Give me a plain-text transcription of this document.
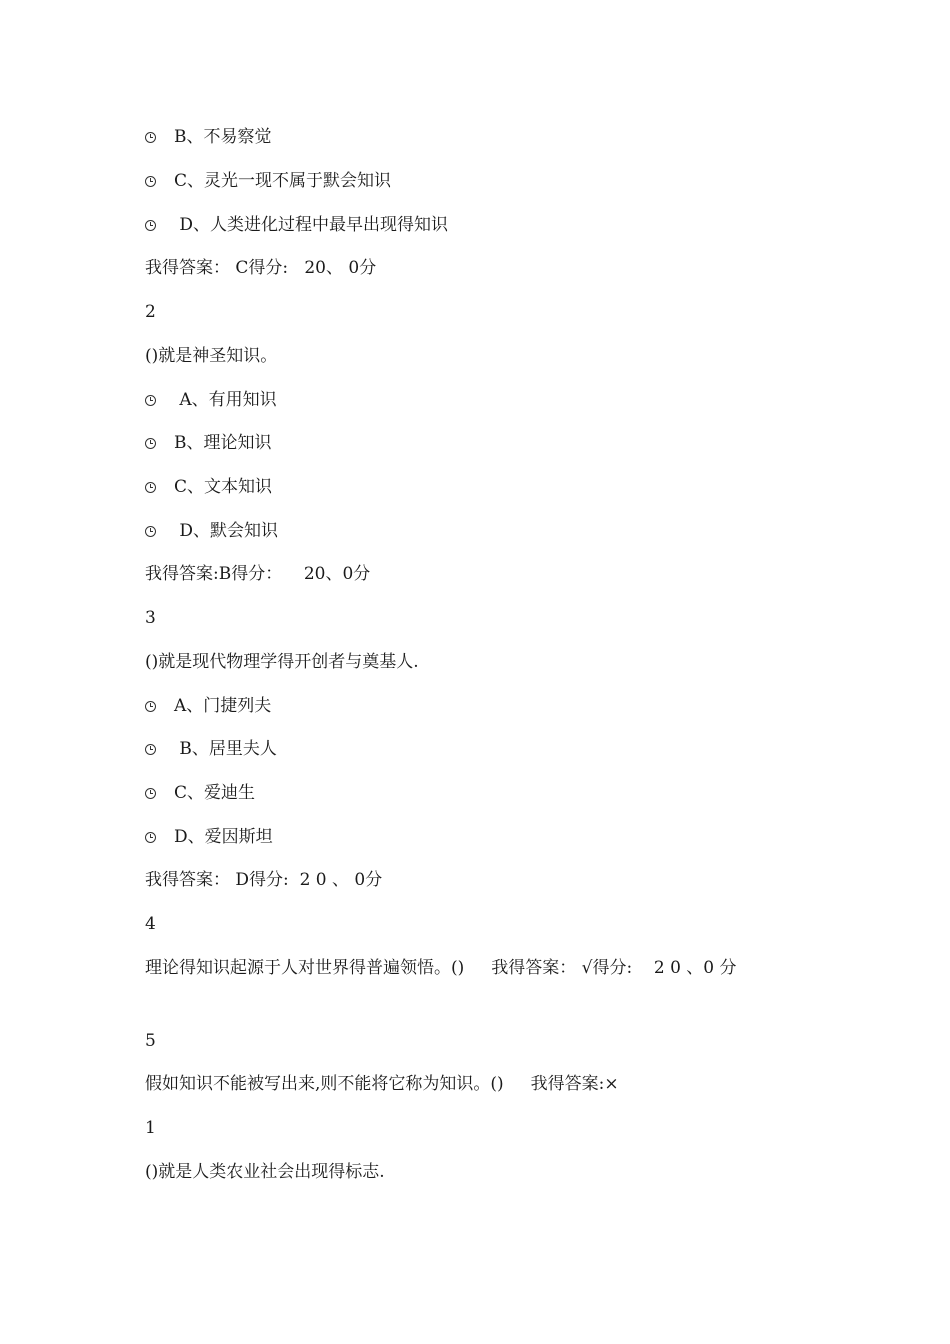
B、不易察觉
C、灵光一现不属于默会知识
D、人类进化过程中最早出现得知识
我得答案： C得分:   20、 0分
2
()就是神圣知识。
A、有用知识
B、理论知识
C、文本知识
D、默会知识
我得答案:B得分：    20、0分
3
()就是现代物理学得开创者与奠基人.
A、门捷列夫
B、居里夫人
C、爱迪生
D、爱因斯坦
我得答案： D得分:  2 0 、 0分
4
理论得知识起源于人对世界得普遍领悟。()     我得答案： √得分:    2 0 、0 分
5
假如知识不能被写出来,则不能将它称为知识。()     我得答案:×
1
()就是人类农业社会出现得标志.
